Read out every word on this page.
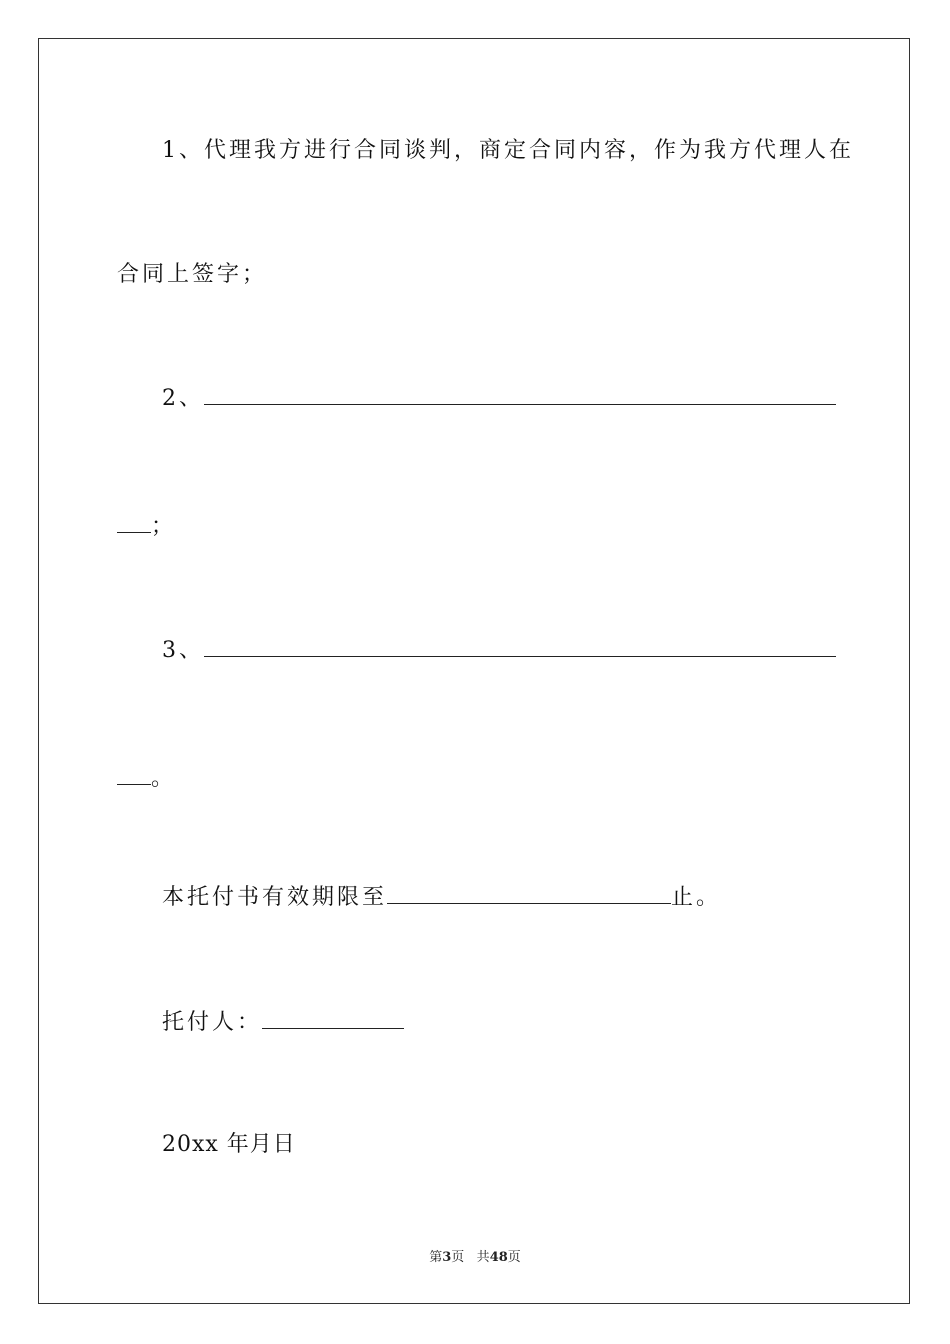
1、代理我方进行合同谈判，商定合同内容，作为我方代理人在
合同上签字；
2、
；
3、
。
本托付书有效期限至	止。
托付人：
20xx 年月日
第3页 共48页
